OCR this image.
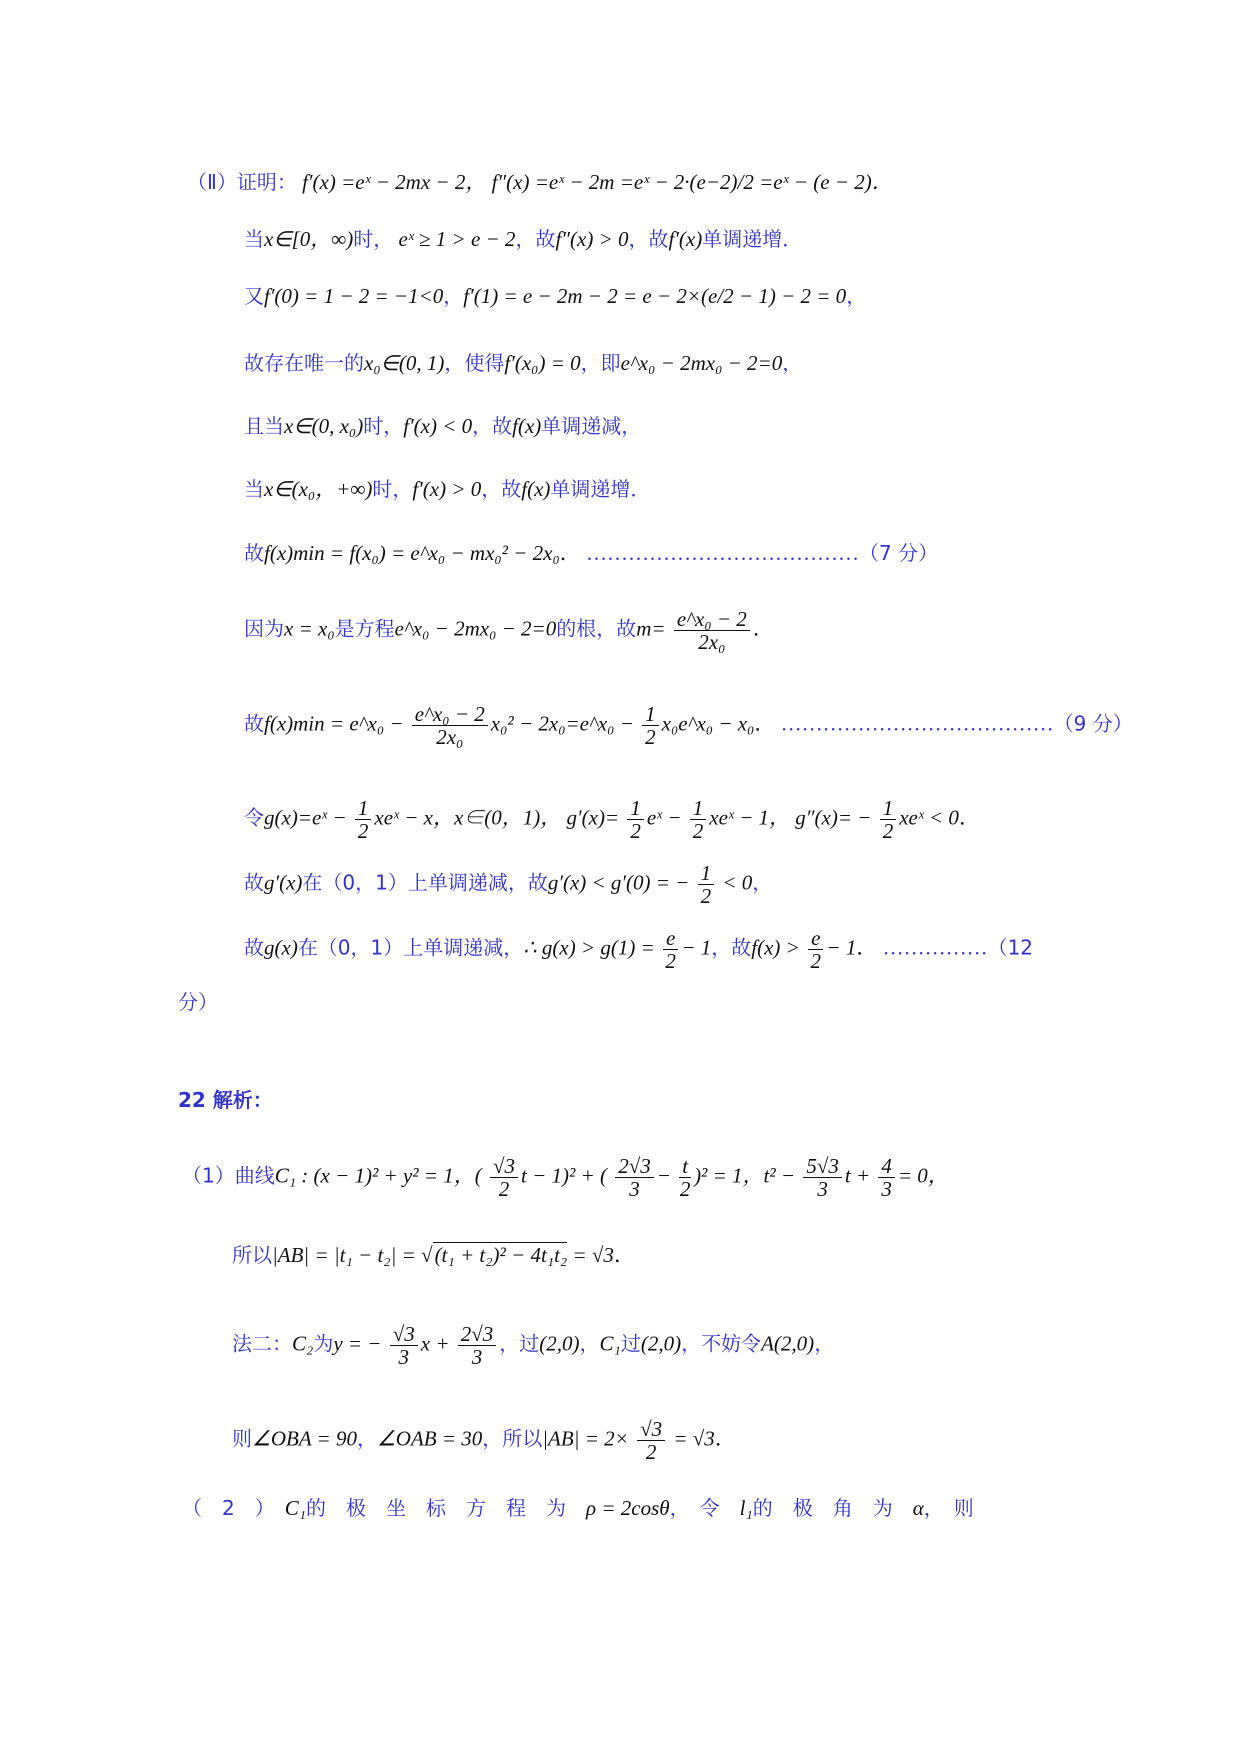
（Ⅱ）证明： f′(x) =eˣ − 2mx − 2， f″(x) =eˣ − 2m =eˣ − 2·(e−2)/2 =eˣ − (e − 2)．
当x∈[0，∞)时， eˣ ≥ 1 > e − 2，故f″(x) > 0，故f′(x)单调递增．
又f′(0) = 1 − 2 = −1<0，f′(1) = e − 2m − 2 = e − 2×(e/2 − 1) − 2 = 0，
故存在唯一的x₀∈(0, 1)，使得f′(x₀) = 0，即e^x₀ − 2mx₀ − 2=0，
且当x∈(0, x₀)时，f′(x) < 0，故f(x)单调递减，
当x∈(x₀，+∞)时，f′(x) > 0，故f(x)单调递增．
故f(x)min = f(x₀) = e^x₀ − mx₀² − 2x₀． …………………………………（7 分）
因为x = x₀是方程e^x₀ − 2mx₀ − 2=0的根，故$m= \frac{\text{e\textasciicircum{}x₀ − 2}}{\text{2x₀}}$ ．
故f(x)min = e^x₀ − $\frac{\text{e\textasciicircum{}x₀ − 2}}{\text{2x₀}} x_0^2$ − 2x₀=e^x₀ − $\frac{1}{2}$ x₀e^x₀ − x₀． …………………………………（9 分）
令g(x)=eˣ − $\frac{1}{2}$ xeˣ − x，x∈(0，1)， $g'(x)= \frac{1}{2}$ eˣ − $\frac{1}{2}$ xeˣ − 1， $g''(x)= - \frac{1}{2}$ xeˣ < 0．
故g′(x)在（0，1）上单调递减，故g′(x) < g′(0) = − $\frac{1}{2} < 0$，
故g(x)在（0，1）上单调递减，∴ $g(x) > g(1) = \frac{e}{2} - 1$，故$f(x) > \frac{e}{2} - 1$． ……………（12
分）
22 解析：
（1）曲线C₁ : (x − 1)² + y² = 1，( $\frac{√3}{2}$ t − 1)² + ( $\frac{2√3}{3} - \frac{t}{2} )^2 = 1$，$t^2 - \frac{5√3}{3}$ $t + \frac{4}{3} = 0$，
所以|AB| = |t₁ − t₂| = √(t₁ + t₂)² − 4t₁t₂ = √3．
法二：C₂为y = − $\frac{√3}{3}$ $x + \frac{2√3}{3}$ ，过(2,0)，C₁过(2,0)，不妨令A(2,0)，
则∠OBA = 90，∠OAB = 30，所以$|AB| = 2\times \frac{√3}{2} = √3$．
（　2　）　C₁的　极　坐　标　方　程　为　ρ = 2cosθ，　令　l₁的　极　角　为　α，　则
